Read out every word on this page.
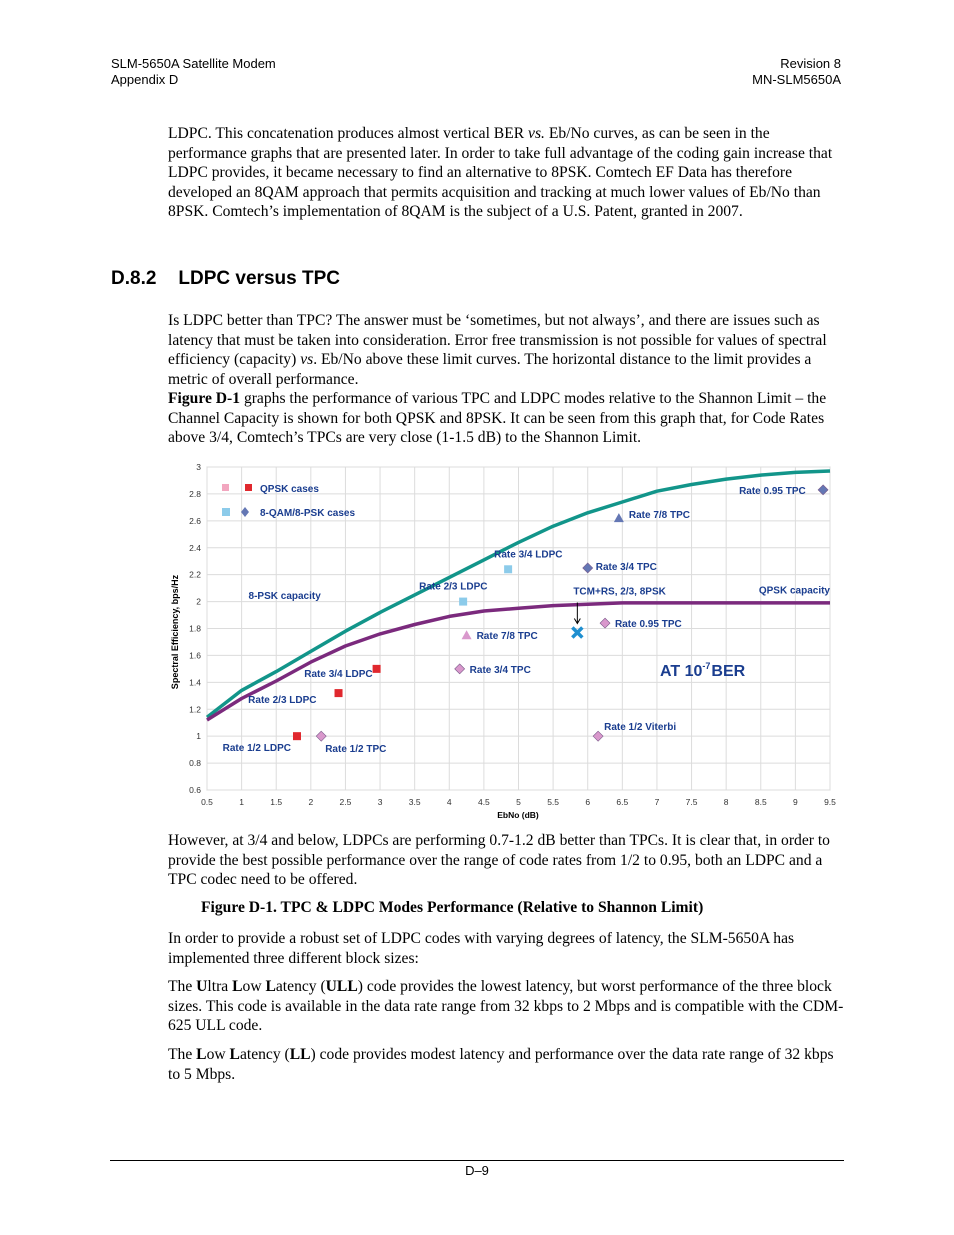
SLM-5650A Satellite Modem
Appendix D
Revision 8
MN-SLM5650A
LDPC. This concatenation produces almost vertical BER vs. Eb/No curves, as can be seen in the performance graphs that are presented later. In order to take full advantage of the coding gain increase that LDPC provides, it became necessary to find an alternative to 8PSK. Comtech EF Data has therefore developed an 8QAM approach that permits acquisition and tracking at much lower values of Eb/No than 8PSK. Comtech’s implementation of 8QAM is the subject of a U.S. Patent, granted in 2007.
D.8.2 LDPC versus TPC
Is LDPC better than TPC? The answer must be ‘sometimes, but not always’, and there are issues such as latency that must be taken into consideration. Error free transmission is not possible for values of spectral efficiency (capacity) vs. Eb/No above these limit curves. The horizontal distance to the limit provides a metric of overall performance.
Figure D-1 graphs the performance of various TPC and LDPC modes relative to the Shannon Limit – the Channel Capacity is shown for both QPSK and 8PSK. It can be seen from this graph that, for Code Rates above 3/4, Comtech’s TPCs are very close (1-1.5 dB) to the Shannon Limit.
0.5	1	1.5	2	2.5	3	3.5	4	4.5	5	5.5	6	6.5	7	7.5	8	8.5	9	9.5
0.6
0.8
1
1.2
1.4
1.6
1.8
2
2.2
2.4
2.6
2.8
3
8-PSK capacity	QPSK capacity
Rate 1/2 LDPC
Rate 2/3 LDPC
Rate 3/4 LDPC
Rate 1/2 TPC
Rate 3/4 TPC
Rate 7/8 TPC
Rate 0.95 TPC
Rate 1/2 Viterbi
TCM+RS, 2/3, 8PSK
Rate 2/3 LDPC
Rate 3/4 LDPC
Rate 3/4 TPC
Rate 7/8 TPC
Rate 0.95 TPC
Spectral Efficiency, bps/Hz
EbNo (dB)
QPSK cases
8-QAM/8-PSK cases
AT $10^{-7}BER$
However, at 3/4 and below, LDPCs are performing 0.7-1.2 dB better than TPCs. It is clear that, in order to provide the best possible performance over the range of code rates from 1/2 to 0.95, both an LDPC and a TPC codec need to be offered.
Figure D-1. TPC & LDPC Modes Performance (Relative to Shannon Limit)
In order to provide a robust set of LDPC codes with varying degrees of latency, the SLM-5650A has implemented three different block sizes:
The Ultra Low Latency (ULL) code provides the lowest latency, but worst performance of the three block sizes. This code is available in the data rate range from 32 kbps to 2 Mbps and is compatible with the CDM-625 ULL code.
The Low Latency (LL) code provides modest latency and performance over the data rate range of 32 kbps to 5 Mbps.
D–9
